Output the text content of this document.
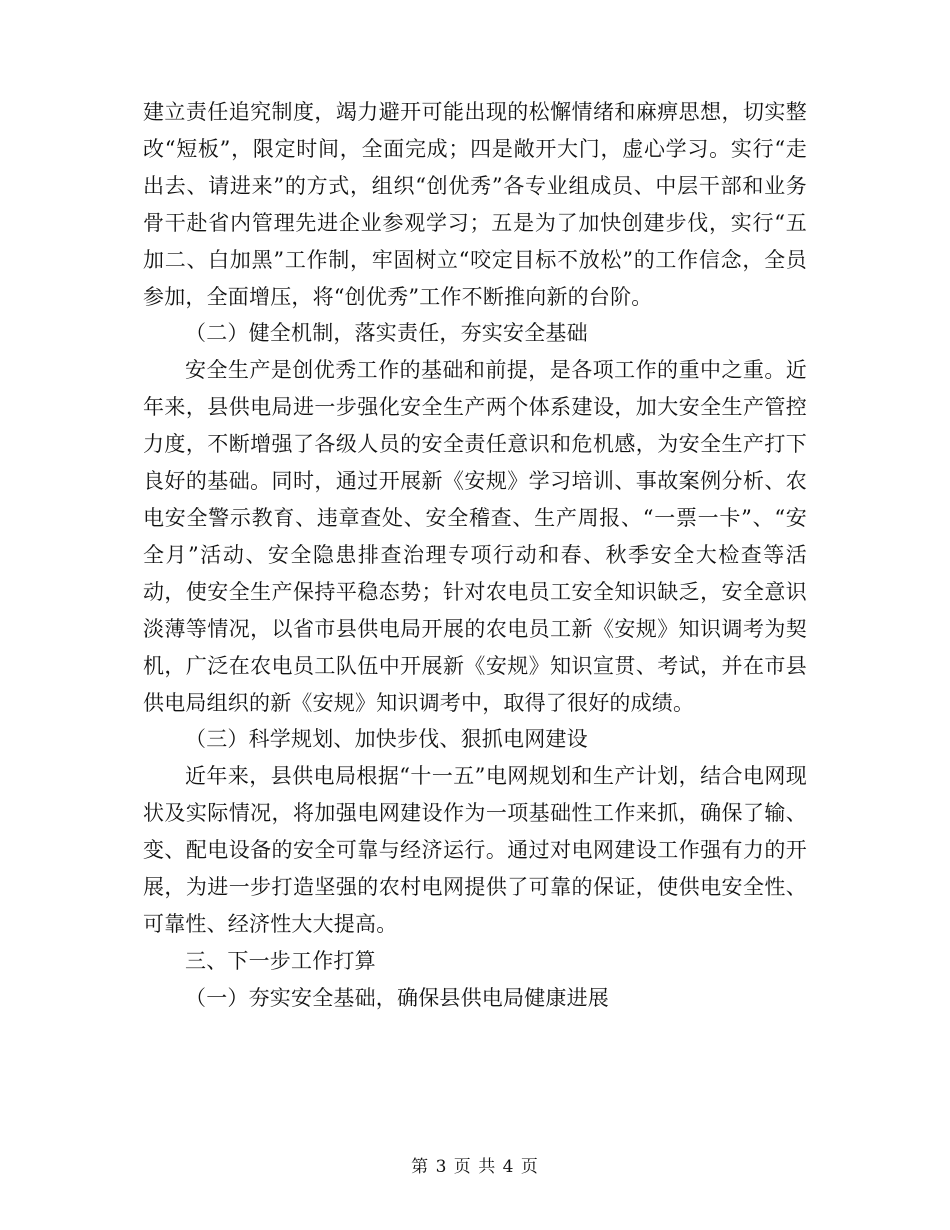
建立责任追究制度，竭力避开可能出现的松懈情绪和麻痹思想，切实整改“短板”，限定时间，全面完成；四是敞开大门，虚心学习。实行“走出去、请进来”的方式，组织“创优秀”各专业组成员、中层干部和业务骨干赴省内管理先进企业参观学习；五是为了加快创建步伐，实行“五加二、白加黑”工作制，牢固树立“咬定目标不放松”的工作信念，全员参加，全面增压，将“创优秀”工作不断推向新的台阶。

（二）健全机制，落实责任，夯实安全基础

安全生产是创优秀工作的基础和前提，是各项工作的重中之重。近年来，县供电局进一步强化安全生产两个体系建设，加大安全生产管控力度，不断增强了各级人员的安全责任意识和危机感，为安全生产打下良好的基础。同时，通过开展新《安规》学习培训、事故案例分析、农电安全警示教育、违章查处、安全稽查、生产周报、“一票一卡”、“安全月”活动、安全隐患排查治理专项行动和春、秋季安全大检查等活动，使安全生产保持平稳态势；针对农电员工安全知识缺乏，安全意识淡薄等情况，以省市县供电局开展的农电员工新《安规》知识调考为契机，广泛在农电员工队伍中开展新《安规》知识宣贯、考试，并在市县供电局组织的新《安规》知识调考中，取得了很好的成绩。

（三）科学规划、加快步伐、狠抓电网建设

近年来，县供电局根据“十一五”电网规划和生产计划，结合电网现状及实际情况，将加强电网建设作为一项基础性工作来抓，确保了输、变、配电设备的安全可靠与经济运行。通过对电网建设工作强有力的开展，为进一步打造坚强的农村电网提供了可靠的保证，使供电安全性、可靠性、经济性大大提高。

三、下一步工作打算

（一）夯实安全基础，确保县供电局健康进展

第 3 页 共 4 页
